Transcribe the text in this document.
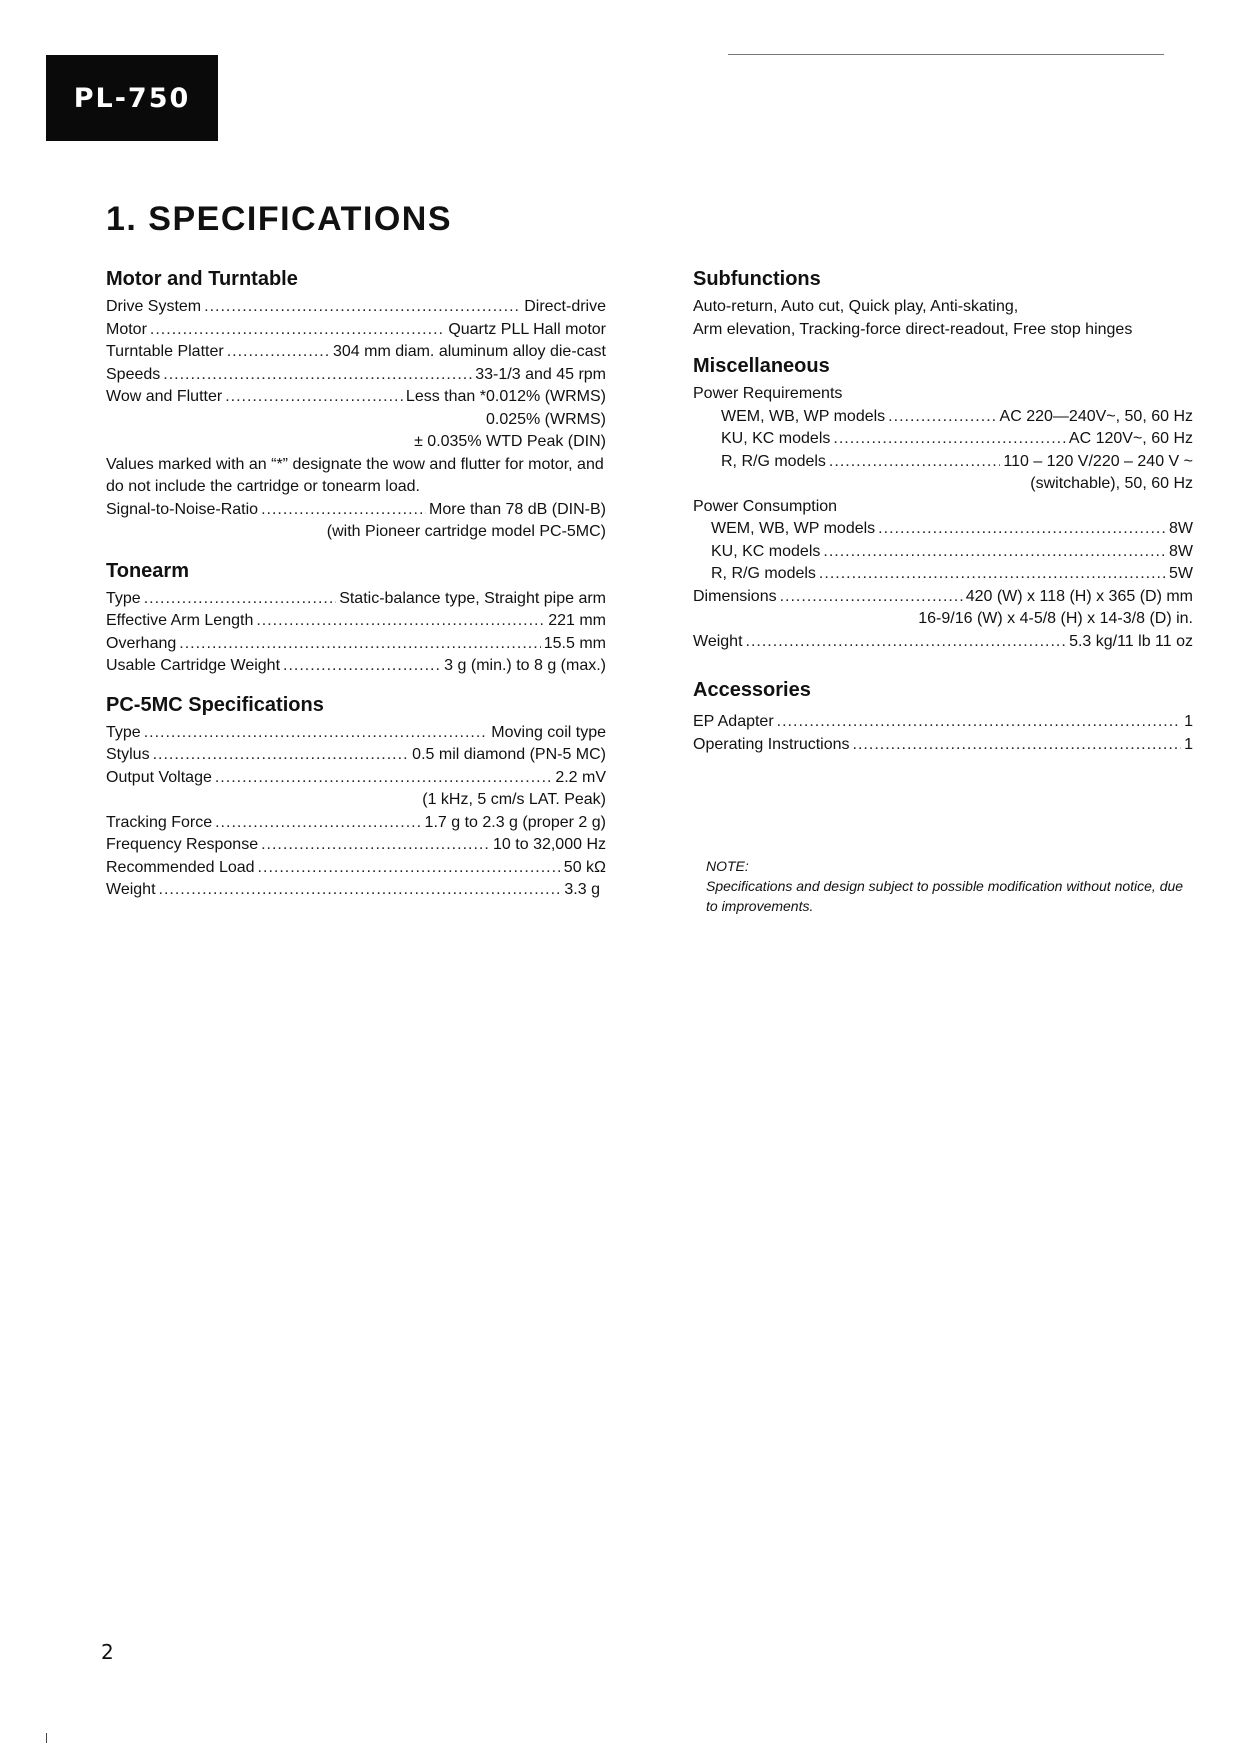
PL-750
1. SPECIFICATIONS
Motor and Turntable
Drive System .....	Direct-drive
Motor .....	Quartz PLL Hall motor
Turntable Platter .....	304 mm diam. aluminum alloy die-cast
Speeds .....	33-1/3 and 45 rpm
Wow and Flutter .....	Less than *0.012% (WRMS)
0.025% (WRMS)
± 0.035% WTD Peak (DIN)

Values marked with an “*” designate the wow and flutter for motor, and do not include the cartridge or tonearm load.

Signal-to-Noise-Ratio .....	More than 78 dB (DIN-B)
(with Pioneer cartridge model PC-5MC)
Tonearm
Type .....	Static-balance type, Straight pipe arm
Effective Arm Length .....	221 mm
Overhang .....	15.5 mm
Usable Cartridge Weight .....	3 g (min.) to 8 g (max.)
PC-5MC Specifications
Type .....	Moving coil type
Stylus .....	0.5 mil diamond (PN-5 MC)
Output Voltage .....	2.2 mV
(1 kHz, 5 cm/s LAT. Peak)
Tracking Force .....	1.7 g to 2.3 g (proper 2 g)
Frequency Response .....	10 to 32,000 Hz
Recommended Load .....	50 kΩ
Weight .....	3.3 g
Subfunctions

Auto-return, Auto cut, Quick play, Anti-skating,

Arm elevation, Tracking-force direct-readout, Free stop hinges

Miscellaneous
Power Requirements
WEM, WB, WP models .....	AC 220—240V~, 50, 60 Hz
KU, KC models .....	AC 120V~, 60 Hz
R, R/G models .....	110 – 120 V/220 – 240 V ~
(switchable), 50, 60 Hz
Power Consumption
WEM, WB, WP models .....	8W
KU, KC models .....	8W
R, R/G models .....	5W
Dimensions .....	420 (W) x 118 (H) x 365 (D) mm
16-9/16 (W) x 4-5/8 (H) x 14-3/8 (D) in.
Weight .....	5.3 kg/11 lb 11 oz
Accessories
EP Adapter .....	1
Operating Instructions .....	1
NOTE:
Specifications and design subject to possible modification without notice, due to improvements.
2
